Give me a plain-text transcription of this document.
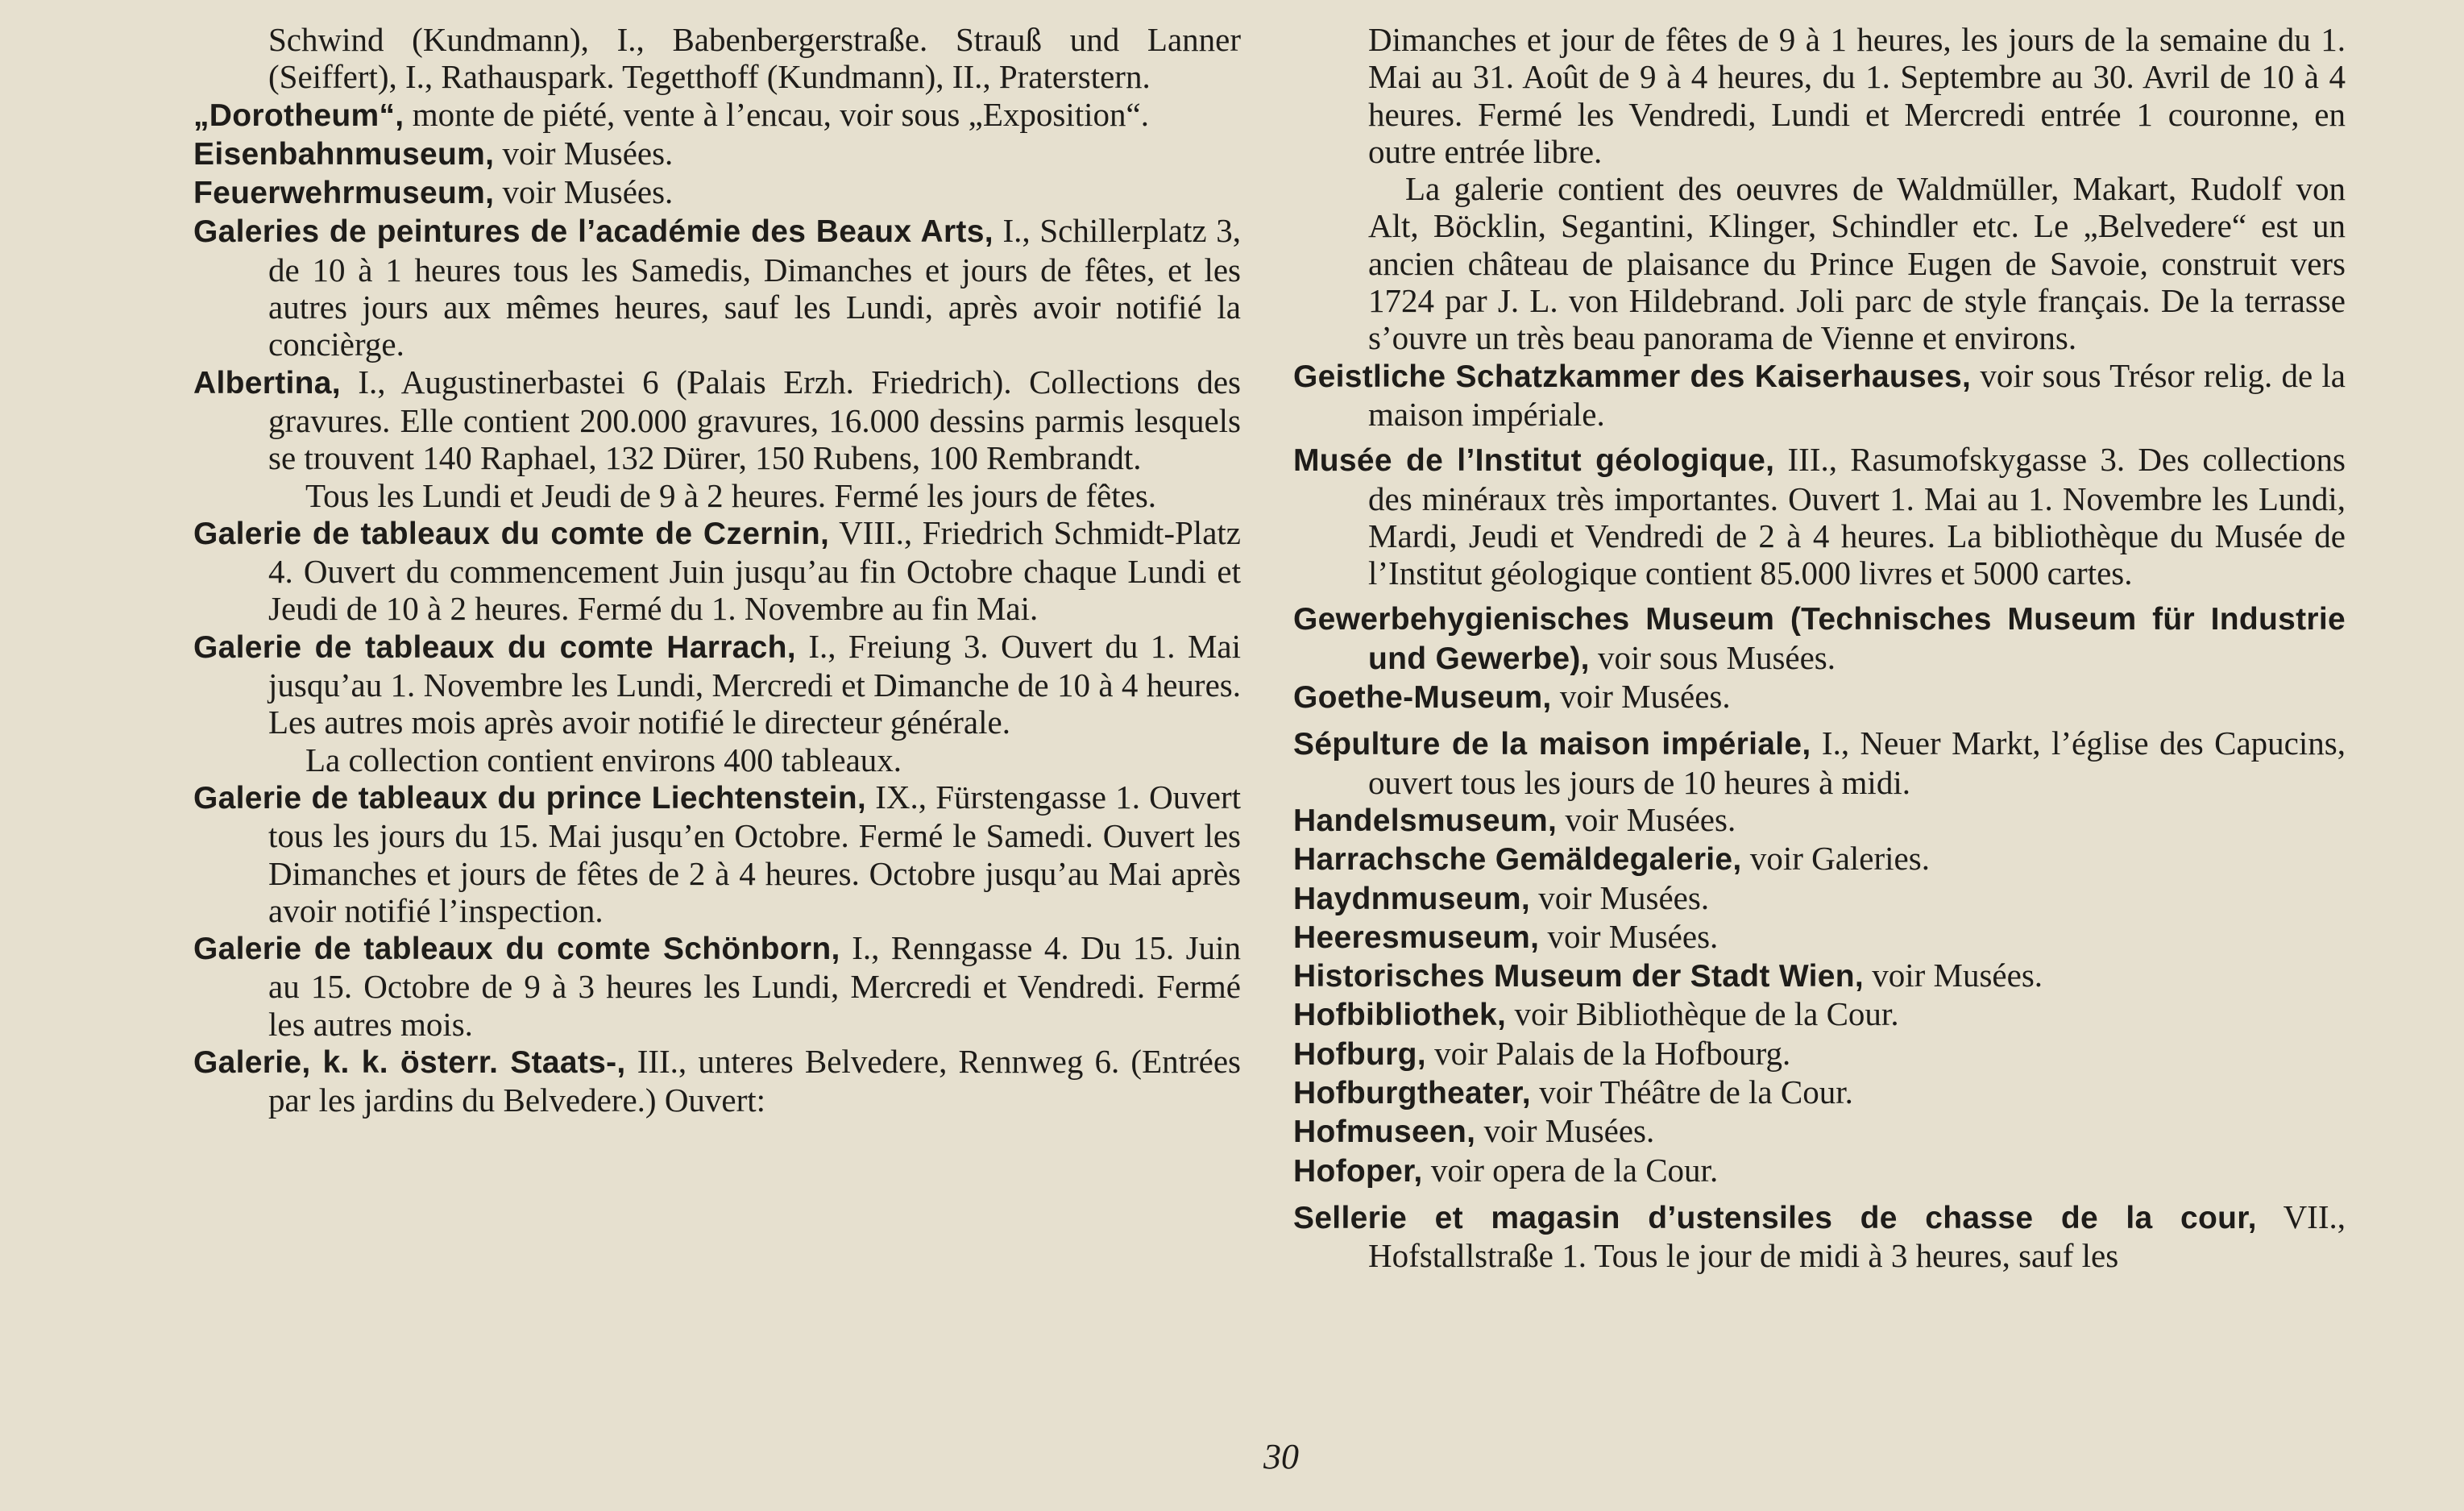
Schwind (Kundmann), I., Babenbergerstraße. Strauß und Lanner (Seiffert), I., Rathauspark. Tegetthoff (Kundmann), II., Praterstern.

„Dorotheum“, monte de piété, vente à l’encau, voir sous „Exposition“.

Eisenbahnmuseum, voir Musées.

Feuerwehrmuseum, voir Musées.

Galeries de peintures de l’académie des Beaux Arts, I., Schillerplatz 3, de 10 à 1 heures tous les Samedis, Dimanches et jours de fêtes, et les autres jours aux mêmes heures, sauf les Lundi, après avoir notifié la concièrge.

Albertina, I., Augustinerbastei 6 (Palais Erzh. Friedrich). Collections des gravures. Elle contient 200.000 gravures, 16.000 dessins parmis lesquels se trouvent 140 Raphael, 132 Dürer, 150 Rubens, 100 Rembrandt.

Tous les Lundi et Jeudi de 9 à 2 heures. Fermé les jours de fêtes.

Galerie de tableaux du comte de Czernin, VIII., Friedrich Schmidt-Platz 4. Ouvert du commencement Juin jusqu’au fin Octobre chaque Lundi et Jeudi de 10 à 2 heures. Fermé du 1. Novembre au fin Mai.

Galerie de tableaux du comte Harrach, I., Freiung 3. Ouvert du 1. Mai jusqu’au 1. Novembre les Lundi, Mercredi et Dimanche de 10 à 4 heures. Les autres mois après avoir notifié le directeur générale.

La collection contient environs 400 tableaux.

Galerie de tableaux du prince Liechtenstein, IX., Fürstengasse 1. Ouvert tous les jours du 15. Mai jusqu’en Octobre. Fermé le Samedi. Ouvert les Dimanches et jours de fêtes de 2 à 4 heures. Octobre jusqu’au Mai après avoir notifié l’inspection.

Galerie de tableaux du comte Schönborn, I., Renngasse 4. Du 15. Juin au 15. Octobre de 9 à 3 heures les Lundi, Mercredi et Vendredi. Fermé les autres mois.

Galerie, k. k. österr. Staats-, III., unteres Belvedere, Rennweg 6. (Entrées par les jardins du Belvedere.) Ouvert:

Dimanches et jour de fêtes de 9 à 1 heures, les jours de la semaine du 1. Mai au 31. Août de 9 à 4 heures, du 1. Septembre au 30. Avril de 10 à 4 heures. Fermé les Vendredi, Lundi et Mercredi entrée 1 couronne, en outre entrée libre.

La galerie contient des oeuvres de Waldmüller, Makart, Rudolf von Alt, Böcklin, Segantini, Klinger, Schindler etc. Le „Belvedere“ est un ancien château de plaisance du Prince Eugen de Savoie, construit vers 1724 par J. L. von Hildebrand. Joli parc de style français. De la terrasse s’ouvre un très beau panorama de Vienne et environs.

Geistliche Schatzkammer des Kaiserhauses, voir sous Trésor relig. de la maison impériale.

Musée de l’Institut géologique, III., Rasumofskygasse 3. Des collections des minéraux très importantes. Ouvert 1. Mai au 1. Novembre les Lundi, Mardi, Jeudi et Vendredi de 2 à 4 heures. La bibliothèque du Musée de l’Institut géologique contient 85.000 livres et 5000 cartes.

Gewerbehygienisches Museum (Technisches Museum für Industrie und Gewerbe), voir sous Musées.

Goethe-Museum, voir Musées.

Sépulture de la maison impériale, I., Neuer Markt, l’église des Capucins, ouvert tous les jours de 10 heures à midi.

Handelsmuseum, voir Musées.

Harrachsche Gemäldegalerie, voir Galeries.

Haydnmuseum, voir Musées.

Heeresmuseum, voir Musées.

Historisches Museum der Stadt Wien, voir Musées.

Hofbibliothek, voir Bibliothèque de la Cour.

Hofburg, voir Palais de la Hofbourg.

Hofburgtheater, voir Théâtre de la Cour.

Hofmuseen, voir Musées.

Hofoper, voir opera de la Cour.

Sellerie et magasin d’ustensiles de chasse de la cour, VII., Hofstallstraße 1. Tous le jour de midi à 3 heures, sauf les

30
